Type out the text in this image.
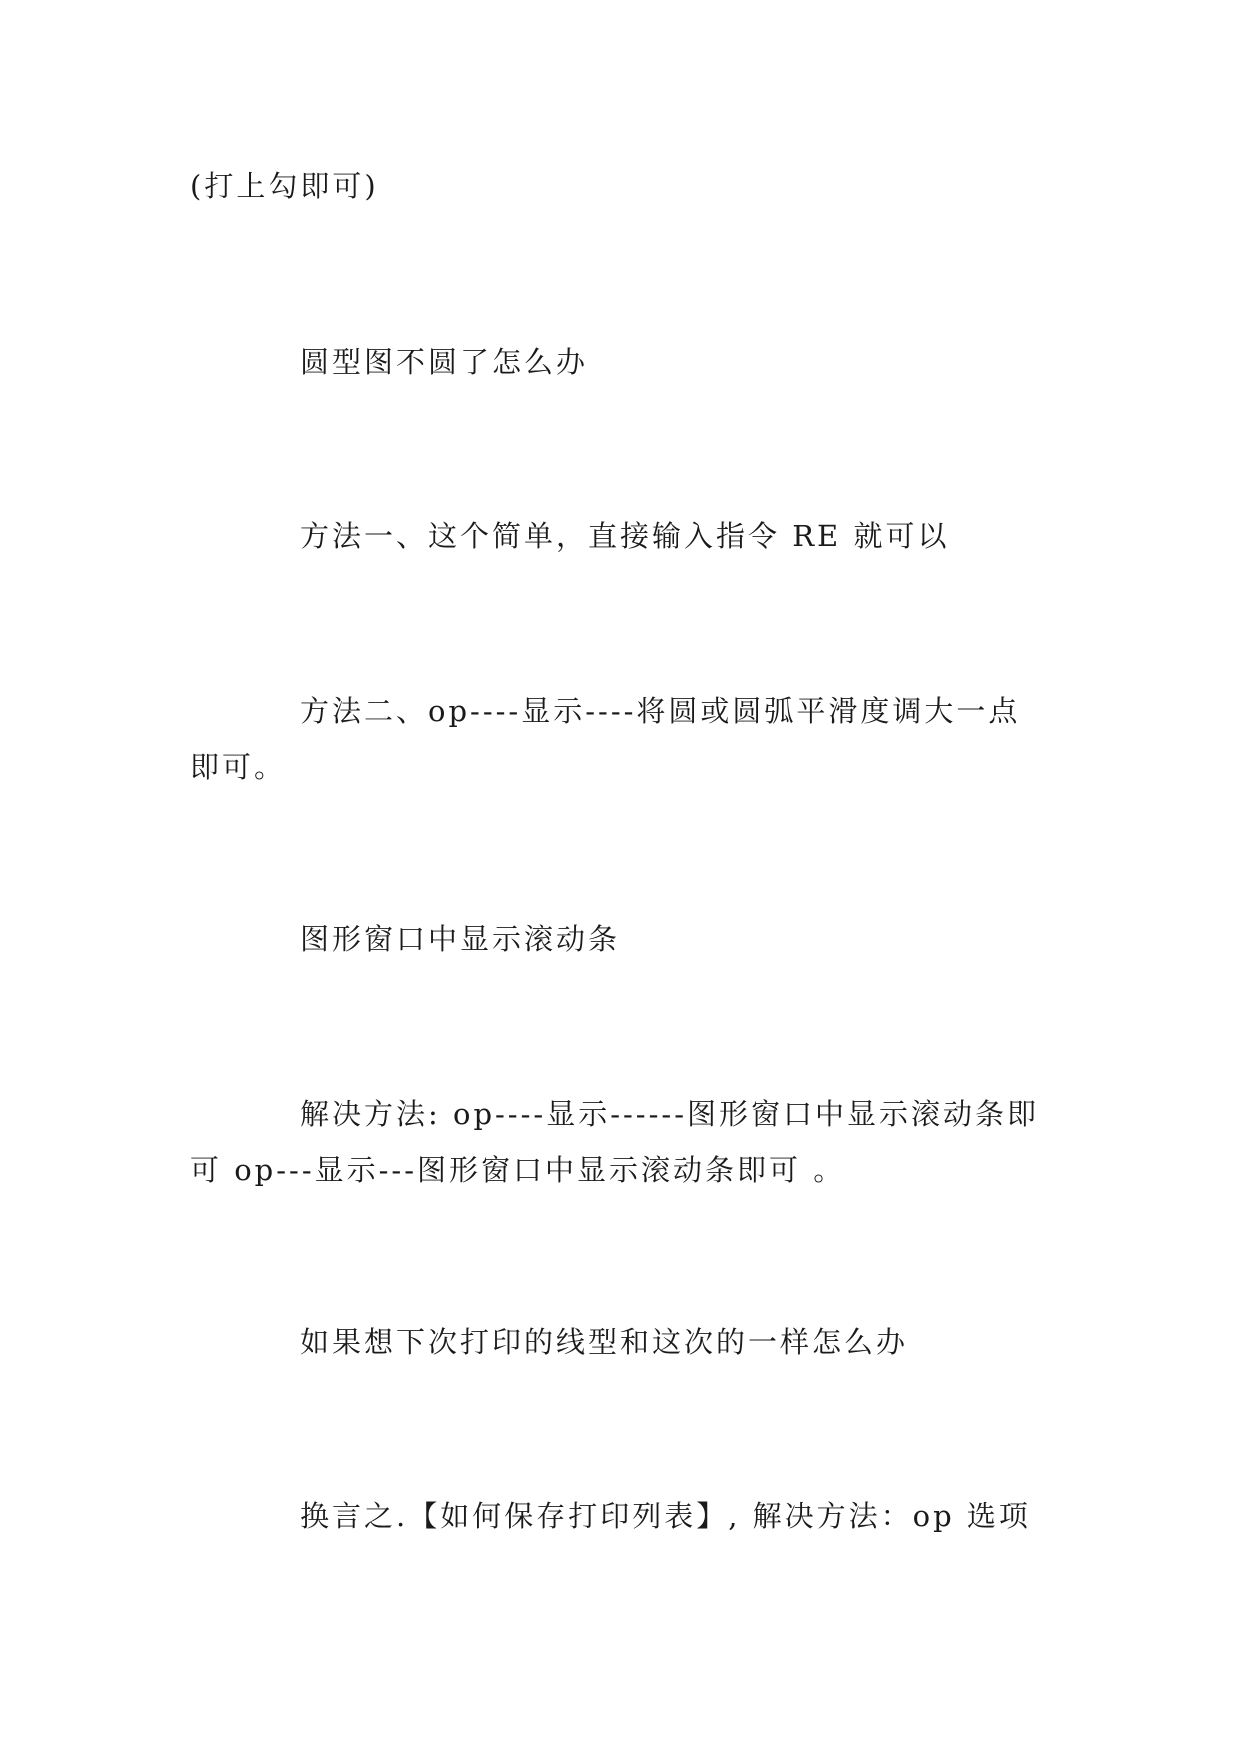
(打上勾即可)

圆型图不圆了怎么办

方法一、这个简单，直接输入指令 RE 就可以

方法二、op----显示----将圆或圆弧平滑度调大一点即可。

图形窗口中显示滚动条

解决方法: op----显示------图形窗口中显示滚动条即可 op---显示---图形窗口中显示滚动条即可 。

如果想下次打印的线型和这次的一样怎么办

换言之.【如何保存打印列表】, 解决方法：op 选项
